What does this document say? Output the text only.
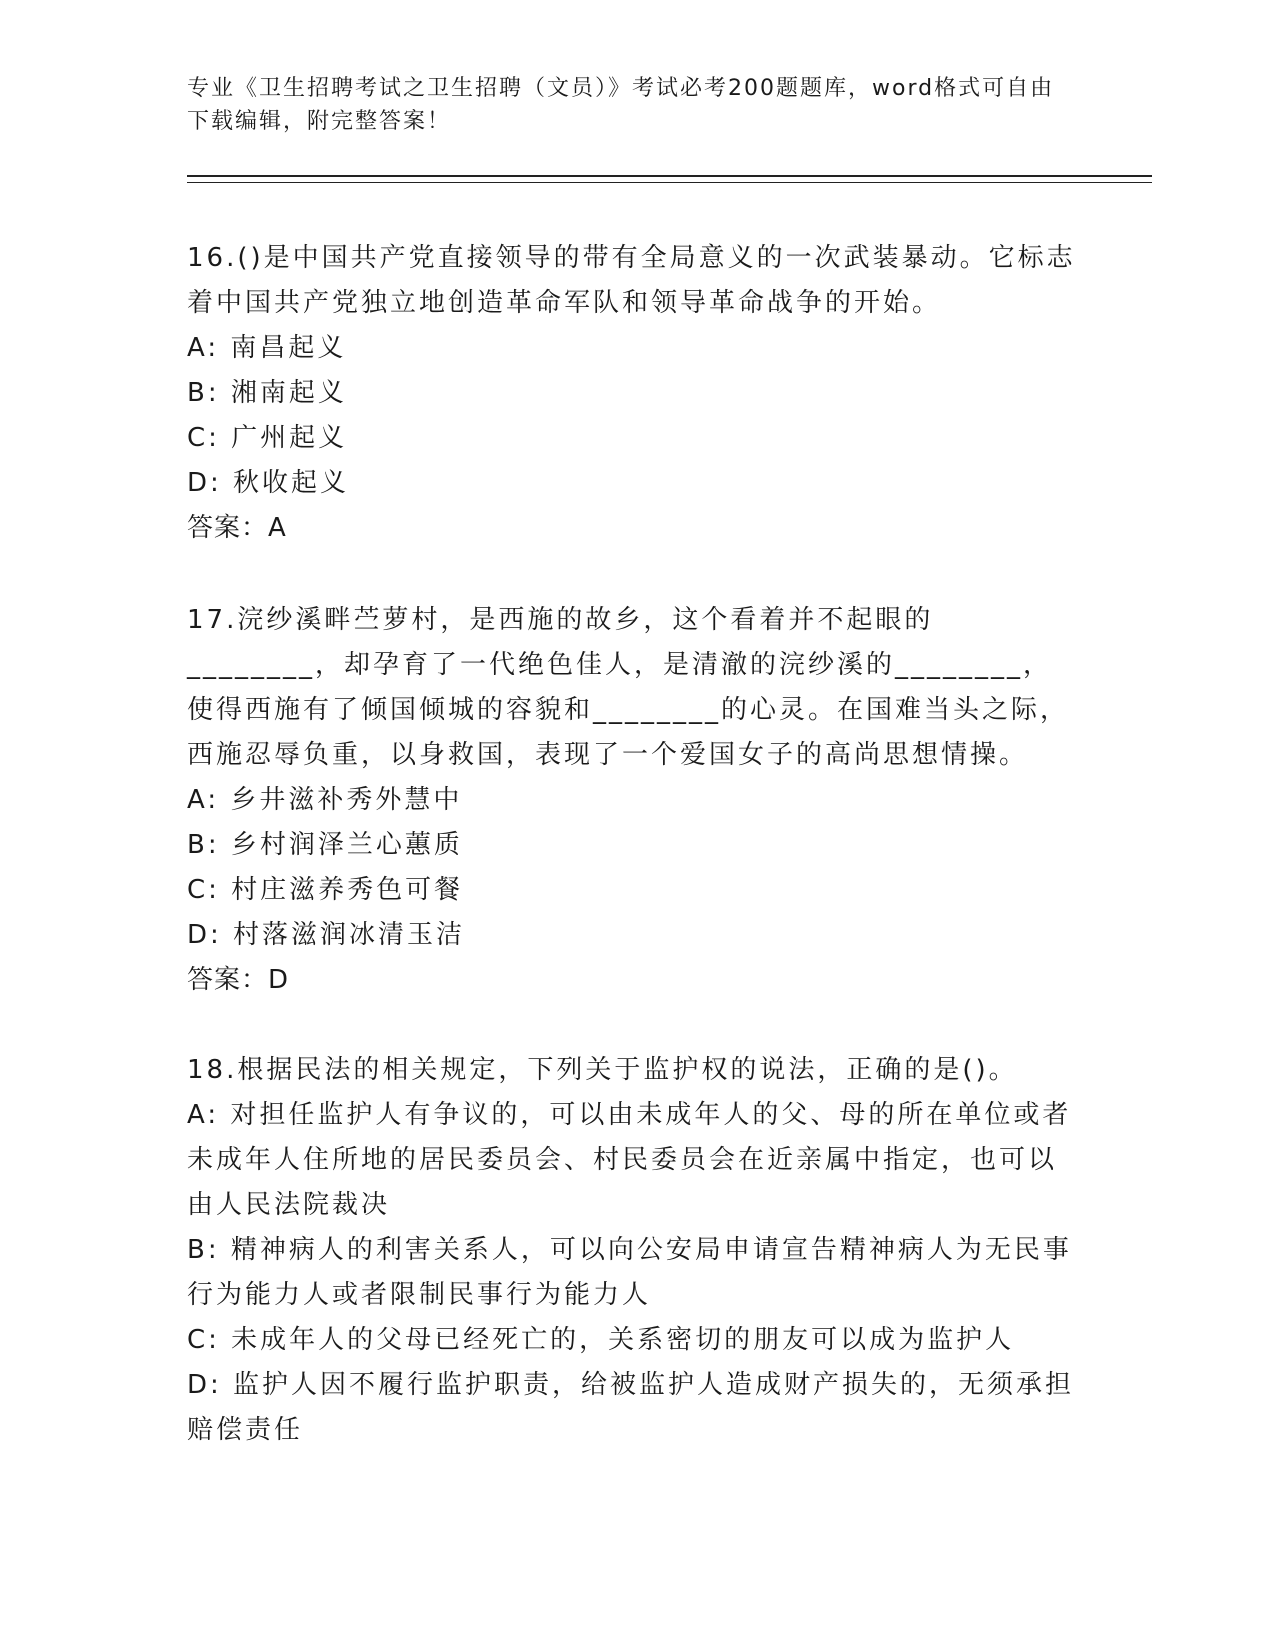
专业《卫生招聘考试之卫生招聘（文员）》考试必考200题题库，word格式可自由下载编辑，附完整答案！

16.()是中国共产党直接领导的带有全局意义的一次武装暴动。它标志着中国共产党独立地创造革命军队和领导革命战争的开始。

A: 南昌起义

B: 湘南起义

C: 广州起义

D: 秋收起义

答案：A

17.浣纱溪畔苎萝村，是西施的故乡，这个看着并不起眼的________，却孕育了一代绝色佳人，是清澈的浣纱溪的________，使得西施有了倾国倾城的容貌和________的心灵。在国难当头之际，西施忍辱负重，以身救国，表现了一个爱国女子的高尚思想情操。

A: 乡井滋补秀外慧中

B: 乡村润泽兰心蕙质

C: 村庄滋养秀色可餐

D: 村落滋润冰清玉洁

答案：D

18.根据民法的相关规定，下列关于监护权的说法，正确的是()。

A: 对担任监护人有争议的，可以由未成年人的父、母的所在单位或者未成年人住所地的居民委员会、村民委员会在近亲属中指定，也可以由人民法院裁决

B: 精神病人的利害关系人，可以向公安局申请宣告精神病人为无民事行为能力人或者限制民事行为能力人

C: 未成年人的父母已经死亡的，关系密切的朋友可以成为监护人

D: 监护人因不履行监护职责，给被监护人造成财产损失的，无须承担赔偿责任
